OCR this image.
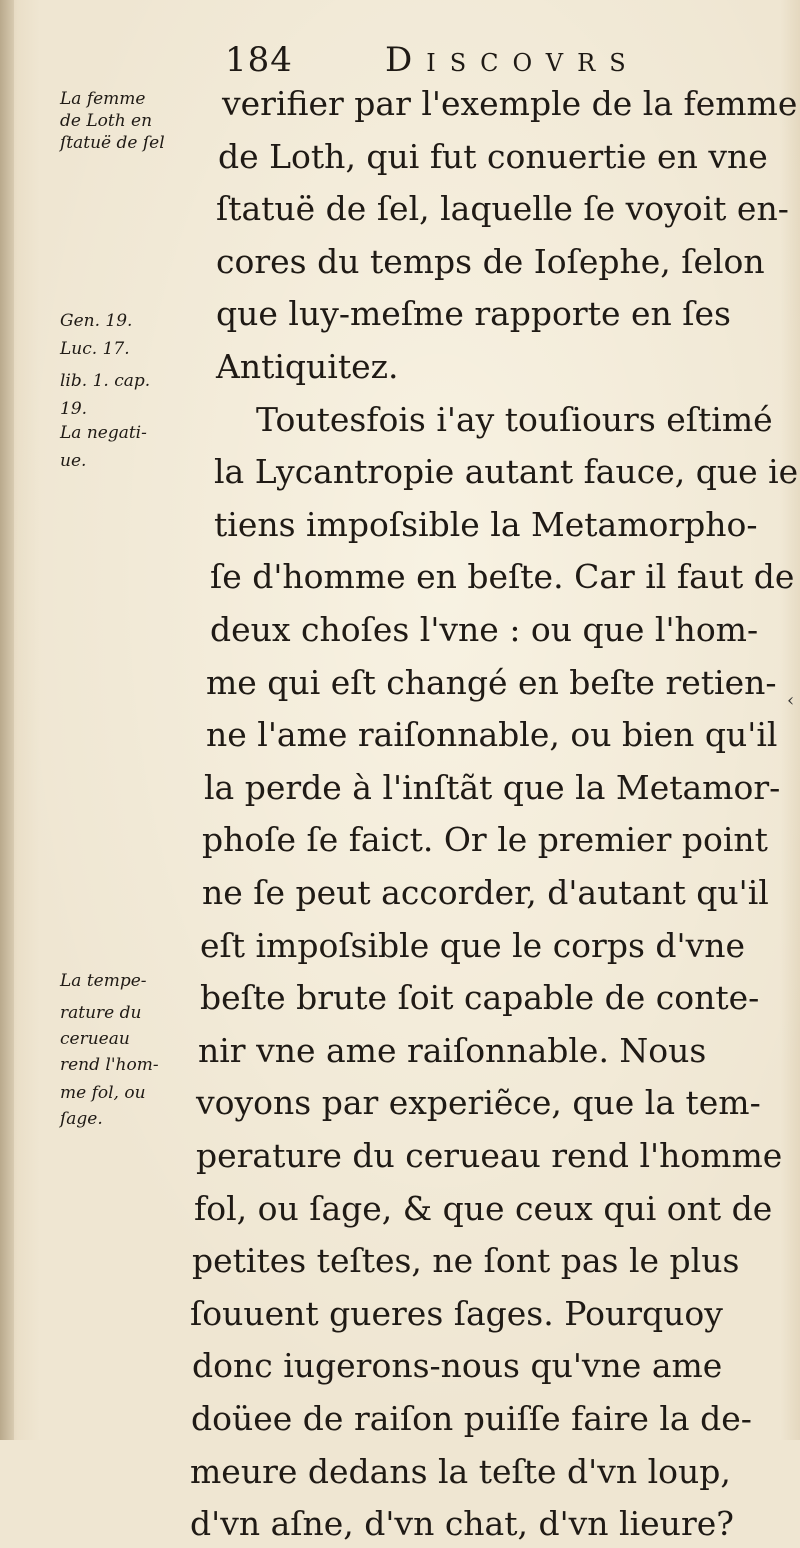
184	Discovrs
La femme
de Loth en
ſtatuë de ſel
Gen. 19.
Luc. 17.
lib. 1. cap.
19.
La negati-
ue.
La tempe-
rature du
cerueau
rend l'hom-
me fol, ou
ſage.
verifier par l'exemple de la femme
de Loth, qui fut conuertie en vne
ſtatuë de ſel, laquelle ſe voyoit en-
cores du temps de Ioſephe, ſelon
que luy-meſme rapporte en ſes
Antiquitez.
Toutesfois i'ay touſiours eſtimé
la Lycantropie autant fauce, que ie
tiens impoſsible la Metamorpho-
ſe d'homme en beſte. Car il faut de
deux choſes l'vne : ou que l'hom-
me qui eſt changé en beſte retien-
ne l'ame raiſonnable, ou bien qu'il
la perde à l'inſtãt que la Metamor-
phoſe ſe faict. Or le premier point
ne ſe peut accorder, d'autant qu'il
eſt impoſsible que le corps d'vne
beſte brute ſoit capable de conte-
nir vne ame raiſonnable. Nous
voyons par experiẽce, que la tem-
perature du cerueau rend l'homme
fol, ou ſage, & que ceux qui ont de
petites teſtes, ne ſont pas le plus
ſouuent gueres ſages. Pourquoy
donc iugerons-nous qu'vne ame
doüee de raiſon puiſſe faire la de-
meure dedans la teſte d'vn loup,
d'vn aſne, d'vn chat, d'vn lieure?
‹
